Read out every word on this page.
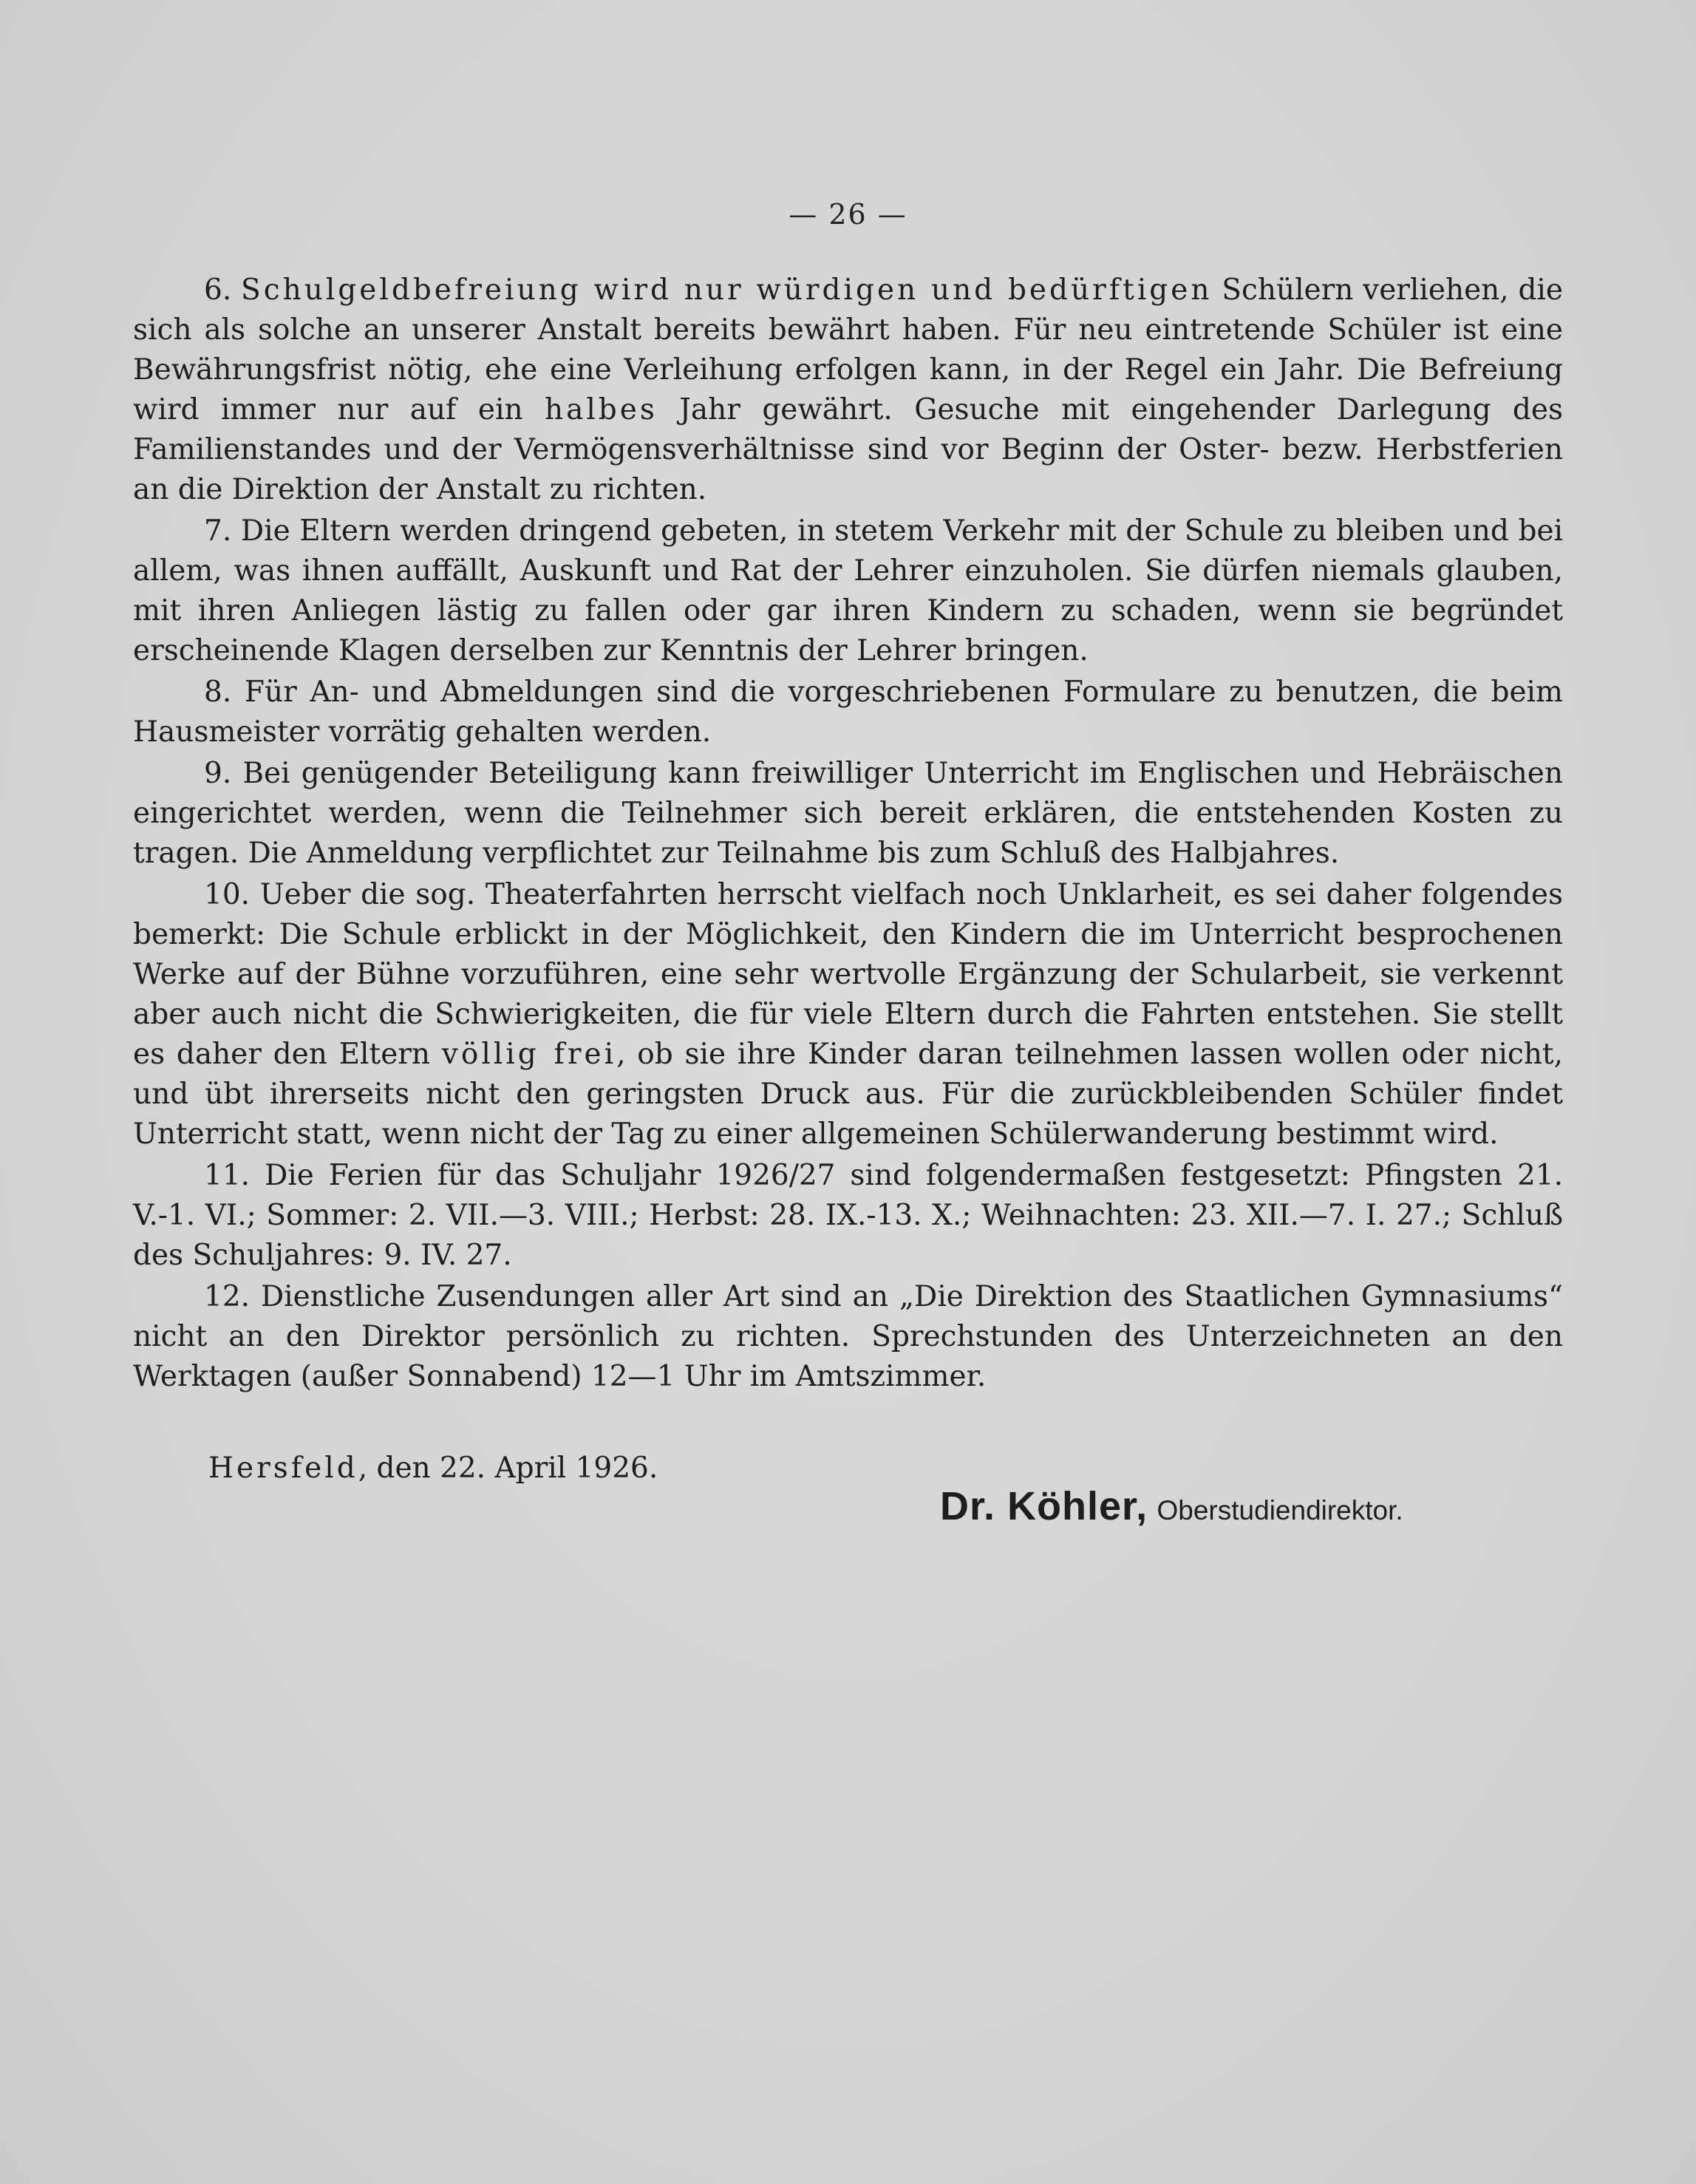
— 26 —

6. Schulgeldbefreiung wird nur würdigen und bedürftigen Schülern verliehen, die sich als solche an unserer Anstalt bereits bewährt haben. Für neu eintretende Schüler ist eine Bewährungsfrist nötig, ehe eine Verleihung erfolgen kann, in der Regel ein Jahr. Die Befreiung wird immer nur auf ein halbes Jahr gewährt. Gesuche mit eingehender Darlegung des Familienstandes und der Vermögensverhältnisse sind vor Beginn der Oster- bezw. Herbstferien an die Direktion der Anstalt zu richten.

7. Die Eltern werden dringend gebeten, in stetem Verkehr mit der Schule zu bleiben und bei allem, was ihnen auffällt, Auskunft und Rat der Lehrer einzuholen. Sie dürfen niemals glauben, mit ihren Anliegen lästig zu fallen oder gar ihren Kindern zu schaden, wenn sie begründet erscheinende Klagen derselben zur Kenntnis der Lehrer bringen.

8. Für An- und Abmeldungen sind die vorgeschriebenen Formulare zu benutzen, die beim Hausmeister vorrätig gehalten werden.

9. Bei genügender Beteiligung kann freiwilliger Unterricht im Englischen und Hebräischen eingerichtet werden, wenn die Teilnehmer sich bereit erklären, die entstehenden Kosten zu tragen. Die Anmeldung verpflichtet zur Teilnahme bis zum Schluß des Halbjahres.

10. Ueber die sog. Theaterfahrten herrscht vielfach noch Unklarheit, es sei daher folgendes bemerkt: Die Schule erblickt in der Möglichkeit, den Kindern die im Unterricht besprochenen Werke auf der Bühne vorzuführen, eine sehr wertvolle Ergänzung der Schularbeit, sie verkennt aber auch nicht die Schwierigkeiten, die für viele Eltern durch die Fahrten entstehen. Sie stellt es daher den Eltern völlig frei, ob sie ihre Kinder daran teilnehmen lassen wollen oder nicht, und übt ihrerseits nicht den geringsten Druck aus. Für die zurückbleibenden Schüler findet Unterricht statt, wenn nicht der Tag zu einer allgemeinen Schülerwanderung bestimmt wird.

11. Die Ferien für das Schuljahr 1926/27 sind folgendermaßen festgesetzt: Pfingsten 21. V.-1. VI.; Sommer: 2. VII.—3. VIII.; Herbst: 28. IX.-13. X.; Weihnachten: 23. XII.—7. I. 27.; Schluß des Schuljahres: 9. IV. 27.

12. Dienstliche Zusendungen aller Art sind an „Die Direktion des Staatlichen Gymnasiums“ nicht an den Direktor persönlich zu richten. Sprechstunden des Unterzeichneten an den Werktagen (außer Sonnabend) 12—1 Uhr im Amtszimmer.

Hersfeld, den 22. April 1926.
Dr. Köhler, Oberstudiendirektor.
